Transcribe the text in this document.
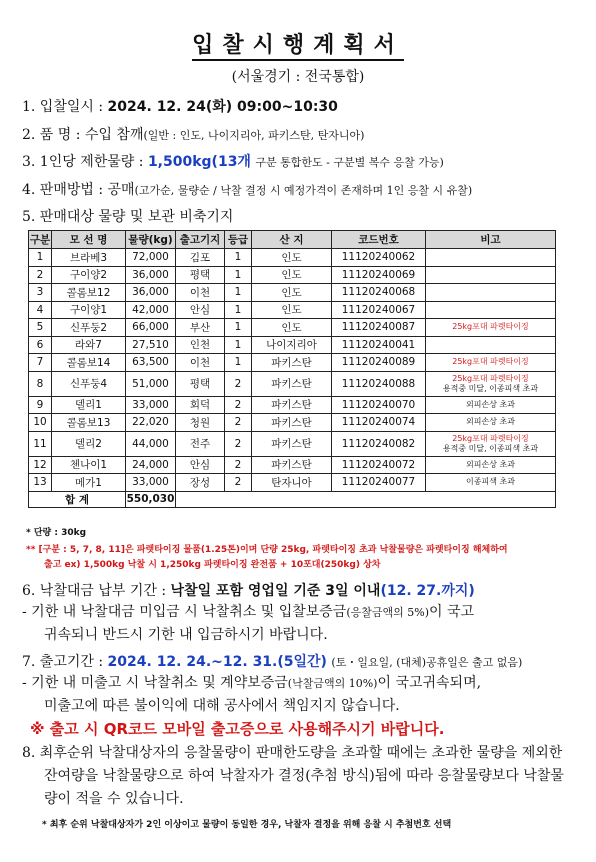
입찰시행계획서
(서울경기 : 전국통합)
1. 입찰일시 : 2024. 12. 24(화) 09:00~10:30
2. 품 명 : 수입 참깨(일반 : 인도, 나이지리아, 파키스탄, 탄자니아)
3. 1인당 제한물량 : 1,500kg(13개 구분 통합한도 - 구분별 복수 응찰 가능)
4. 판매방법 : 공매(고가순, 물량순 / 낙찰 결정 시 예정가격이 존재하며 1인 응찰 시 유찰)
5. 판매대상 물량 및 보관 비축기지
구분	모 선 명	물량(kg)	출고기지	등급	산 지	코드번호	비고
1	브라베3	72,000	김포	1	인도	11120240062	
2	구이양2	36,000	평택	1	인도	11120240069	
3	콜롬보12	36,000	이천	1	인도	11120240068	
4	구이양1	42,000	안심	1	인도	11120240067	
5	신푸둥2	66,000	부산	1	인도	11120240087	25kg포대 파렛타이징

6	라와7	27,510	인천	1	나이지리아	11120240041	
7	콜롬보14	63,500	이천	1	파키스탄	11120240089	25kg포대 파렛타이징

8	신푸둥4	51,000	평택	2	파키스탄	11120240088	25kg포대 파렛타이징
용적중 미달, 이종피색 초과

9	델리1	33,000	회덕	2	파키스탄	11120240070	외피손상 초과

10	콜롬보13	22,020	청원	2	파키스탄	11120240074	외피손상 초과

11	델리2	44,000	전주	2	파키스탄	11120240082	25kg포대 파렛타이징
용적중 미달, 이종피색 초과

12	첸나이1	24,000	안심	2	파키스탄	11120240072	외피손상 초과

13	메가1	33,000	장성	2	탄자니아	11120240077	이종피색 초과

합 계		550,030					
* 단량 : 30kg
** [구분 : 5, 7, 8, 11]은 파렛타이징 물품(1.25톤)이며 단량 25kg, 파렛타이징 초과 낙찰물량은 파렛타이징 해체하여
출고 ex) 1,500kg 낙찰 시 1,250kg 파렛타이징 완전품 + 10포대(250kg) 상차
6. 낙찰대금 납부 기간 : 낙찰일 포함 영업일 기준 3일 이내(12. 27.까지)
- 기한 내 낙찰대금 미입금 시 낙찰취소 및 입찰보증금(응찰금액의 5%)이 국고
귀속되니 반드시 기한 내 입금하시기 바랍니다.
7. 출고기간 : 2024. 12. 24.~12. 31.(5일간) (토・일요일, (대체)공휴일은 출고 없음)
- 기한 내 미출고 시 낙찰취소 및 계약보증금(낙찰금액의 10%)이 국고귀속되며,
미출고에 따른 불이익에 대해 공사에서 책임지지 않습니다.
※ 출고 시 QR코드 모바일 출고증으로 사용해주시기 바랍니다.
8. 최후순위 낙찰대상자의 응찰물량이 판매한도량을 초과할 때에는 초과한 물량을 제외한 잔여량을 낙찰물량으로 하여 낙찰자가 결정(추첨 방식)됨에 따라 응찰물량보다 낙찰물량이 적을 수 있습니다.
* 최후 순위 낙찰대상자가 2인 이상이고 물량이 동일한 경우, 낙찰자 결정을 위해 응찰 시 추첨번호 선택
